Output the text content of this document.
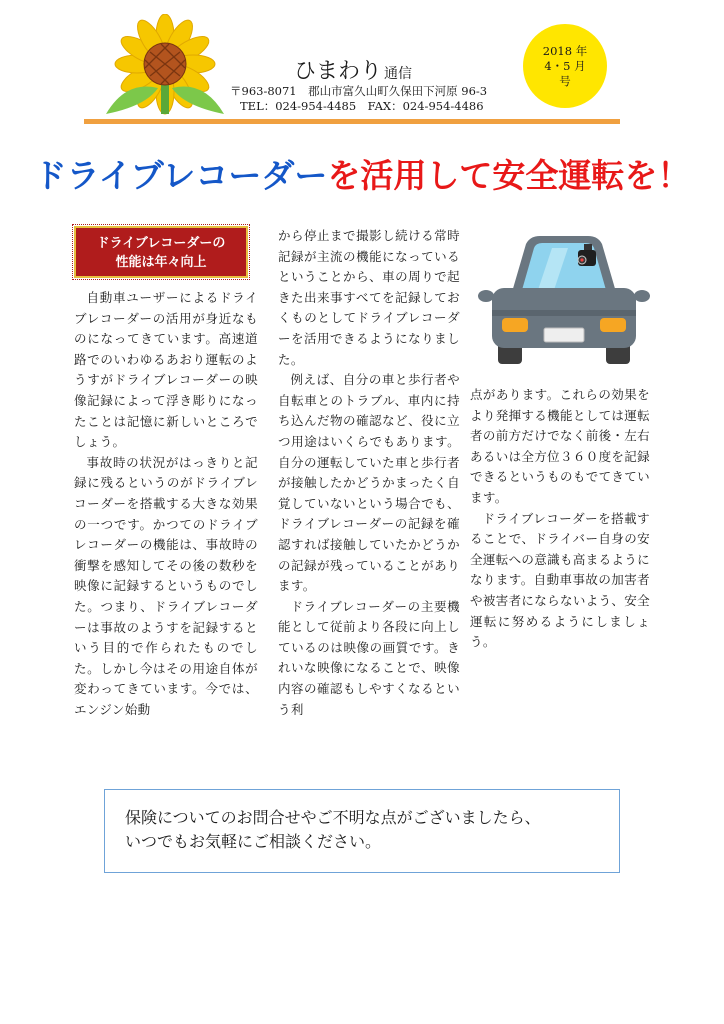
ひまわり 通信
〒963-8071　郡山市富久山町久保田下河原 96-3
TEL：024-954-4485　FAX：024-954-4486
2018 年
4・5 月
号
ドライブレコーダーを活用して安全運転を！
ドライブレコーダーの
性能は年々向上

自動車ユーザーによるドライブレコーダーの活用が身近なものになってきています。高速道路でのいわゆるあおり運転のようすがドライブレコーダーの映像記録によって浮き彫りになったことは記憶に新しいところでしょう。

事故時の状況がはっきりと記録に残るというのがドライブレコーダーを搭載する大きな効果の一つです。かつてのドライブレコーダーの機能は、事故時の衝撃を感知してその後の数秒を映像に記録するというものでした。つまり、ドライブレコーダーは事故のようすを記録するという目的で作られたものでした。しかし今はその用途自体が変わってきています。今では、エンジン始動

から停止まで撮影し続ける常時記録が主流の機能になっているということから、車の周りで起きた出来事すべてを記録しておくものとしてドライブレコーダーを活用できるようになりました。

例えば、自分の車と歩行者や自転車とのトラブル、車内に持ち込んだ物の確認など、役に立つ用途はいくらでもあります。自分の運転していた車と歩行者が接触したかどうかまったく自覚していないという場合でも、ドライブレコーダーの記録を確認すれば接触していたかどうかの記録が残っていることがあります。

ドライブレコーダーの主要機能として従前より各段に向上しているのは映像の画質です。きれいな映像になることで、映像内容の確認もしやすくなるという利

点があります。これらの効果をより発揮する機能としては運転者の前方だけでなく前後・左右あるいは全方位３６０度を記録できるというものもでてきています。

ドライブレコーダーを搭載することで、ドライバー自身の安全運転への意識も高まるようになります。自動車事故の加害者や被害者にならないよう、安全運転に努めるようにしましょう。

保険についてのお問合せやご不明な点がございましたら、
いつでもお気軽にご相談ください。
